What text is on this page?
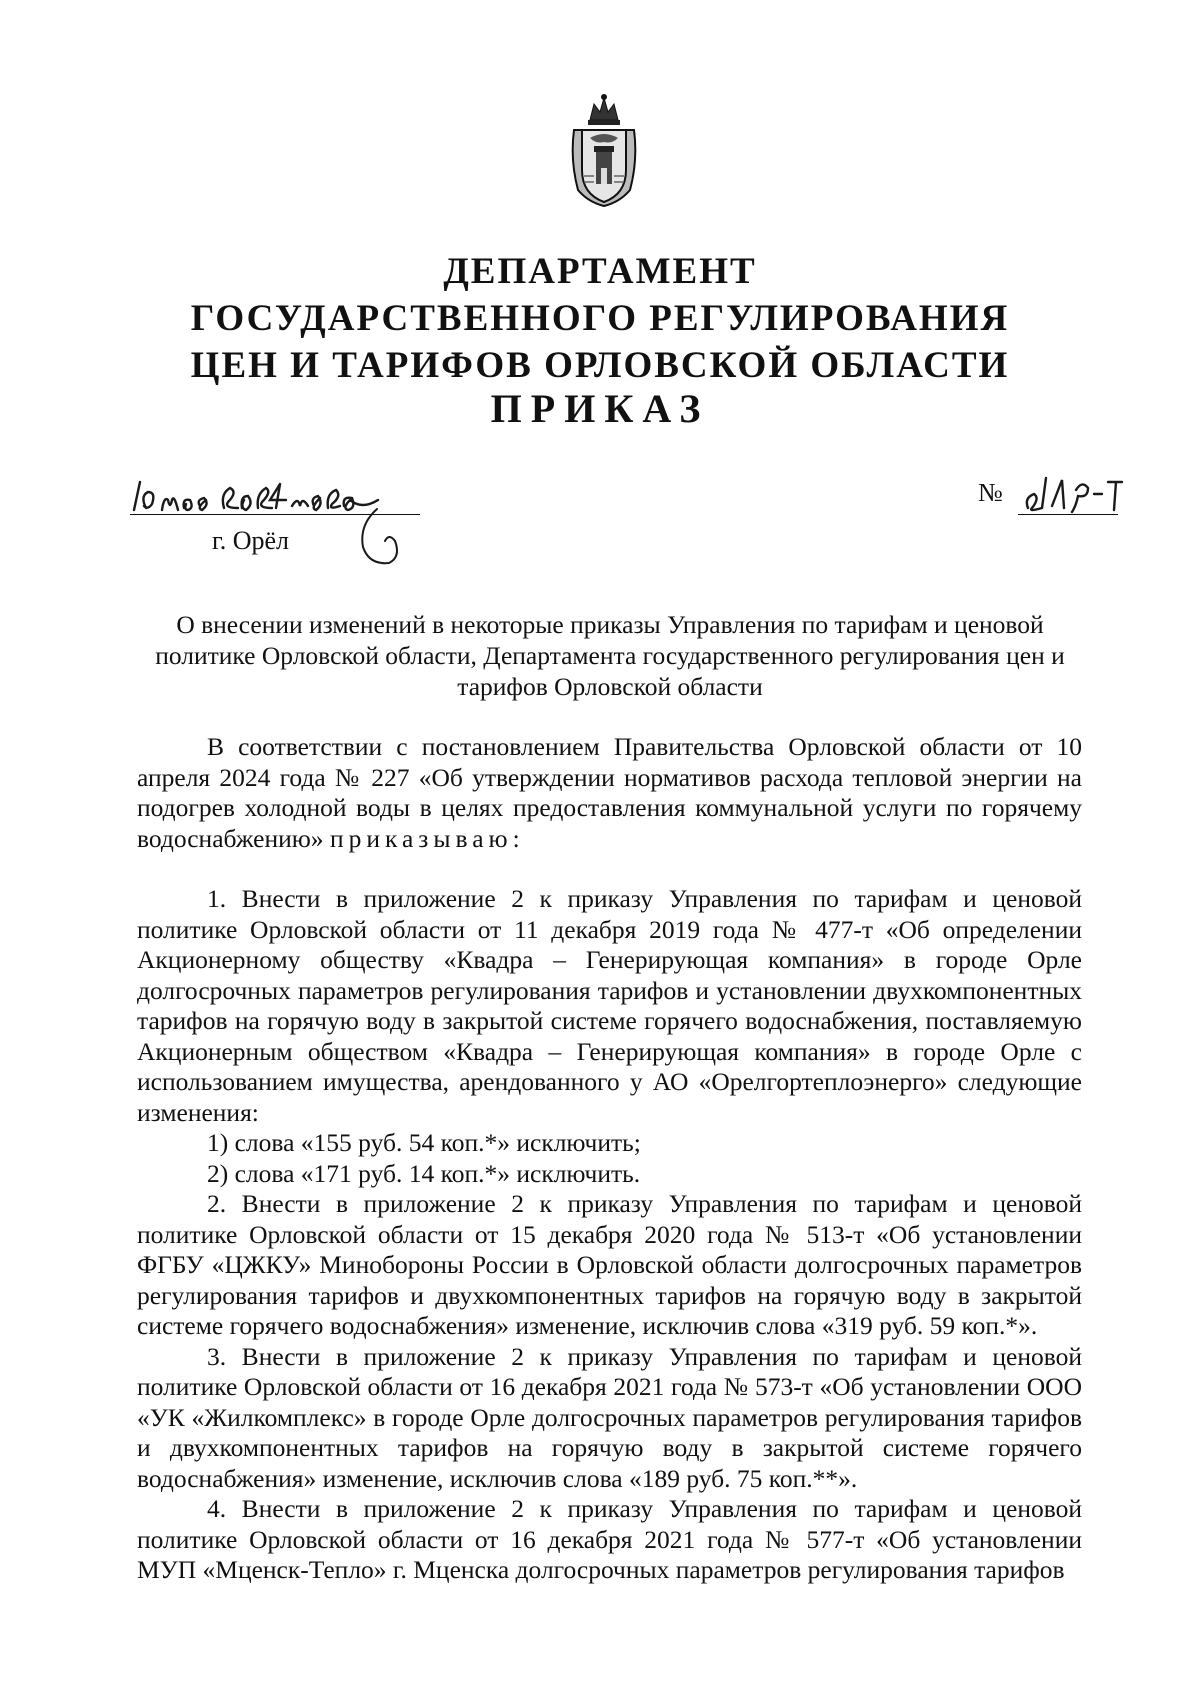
ДЕПАРТАМЕНТ
ГОСУДАРСТВЕННОГО РЕГУЛИРОВАНИЯ
ЦЕН И ТАРИФОВ ОРЛОВСКОЙ ОБЛАСТИ
ПРИКАЗ
г. Орёл
№
О внесении изменений в некоторые приказы Управления по тарифам и ценовой политике Орловской области, Департамента государственного регулирования цен и тарифов Орловской области

В соответствии с постановлением Правительства Орловской области от 10 апреля 2024 года № 227 «Об утверждении нормативов расхода тепловой энергии на подогрев холодной воды в целях предоставления коммунальной услуги по горячему водоснабжению» приказываю:

1. Внести в приложение 2 к приказу Управления по тарифам и ценовой политике Орловской области от 11 декабря 2019 года № 477-т «Об определении Акционерному обществу «Квадра – Генерирующая компания» в городе Орле долгосрочных параметров регулирования тарифов и установлении двухкомпонентных тарифов на горячую воду в закрытой системе горячего водоснабжения, поставляемую Акционерным обществом «Квадра – Генерирующая компания» в городе Орле с использованием имущества, арендованного у АО «Орелгортеплоэнерго» следующие изменения:

1) слова «155 руб. 54 коп.*» исключить;

2) слова «171 руб. 14 коп.*» исключить.

2. Внести в приложение 2 к приказу Управления по тарифам и ценовой политике Орловской области от 15 декабря 2020 года № 513-т «Об установлении ФГБУ «ЦЖКУ» Минобороны России в Орловской области долгосрочных параметров регулирования тарифов и двухкомпонентных тарифов на горячую воду в закрытой системе горячего водоснабжения» изменение, исключив слова «319 руб. 59 коп.*».

3. Внести в приложение 2 к приказу Управления по тарифам и ценовой политике Орловской области от 16 декабря 2021 года № 573-т «Об установлении ООО «УК «Жилкомплекс» в городе Орле долгосрочных параметров регулирования тарифов и двухкомпонентных тарифов на горячую воду в закрытой системе горячего водоснабжения» изменение, исключив слова «189 руб. 75 коп.**».

4. Внести в приложение 2 к приказу Управления по тарифам и ценовой политике Орловской области от 16 декабря 2021 года № 577-т «Об установлении МУП «Мценск-Тепло» г. Мценска долгосрочных параметров регулирования тарифов
